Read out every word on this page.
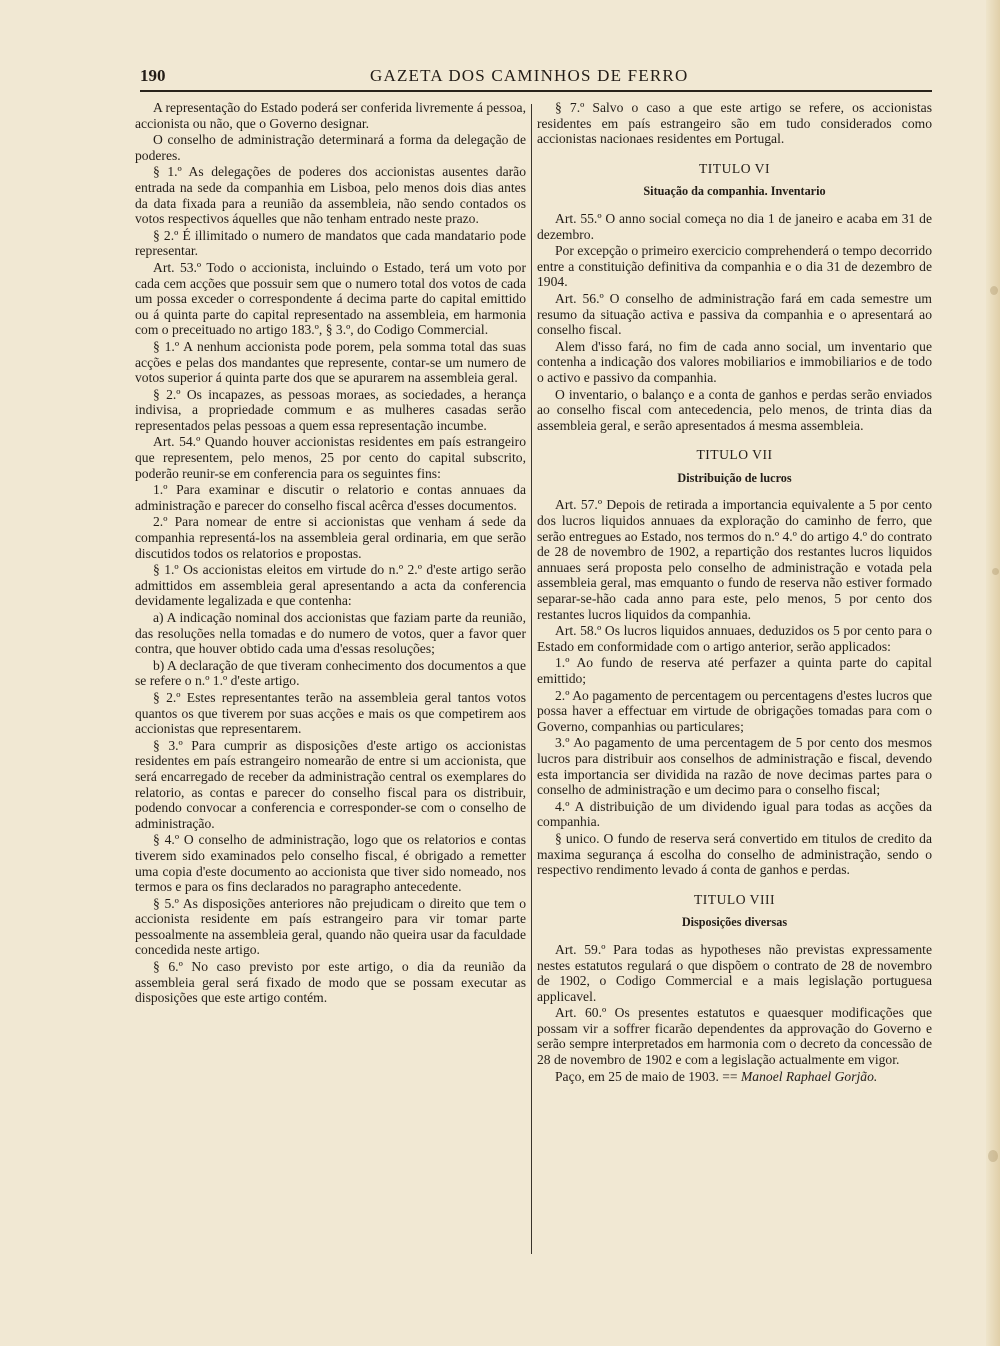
190	GAZETA DOS CAMINHOS DE FERRO

A representação do Estado poderá ser conferida livremente á pessoa, accionista ou não, que o Governo designar.

O conselho de administração determinará a forma da delegação de poderes.

§ 1.º As delegações de poderes dos accionistas ausentes darão entrada na sede da companhia em Lisboa, pelo menos dois dias antes da data fixada para a reunião da assembleia, não sendo contados os votos respectivos áquelles que não tenham entrado neste prazo.

§ 2.º É illimitado o numero de mandatos que cada mandatario pode representar.

Art. 53.º Todo o accionista, incluindo o Estado, terá um voto por cada cem acções que possuir sem que o numero total dos votos de cada um possa exceder o correspondente á decima parte do capital emittido ou á quinta parte do capital representado na assembleia, em harmonia com o preceituado no artigo 183.º, § 3.º, do Codigo Commercial.

§ 1.º A nenhum accionista pode porem, pela somma total das suas acções e pelas dos mandantes que represente, contar-se um numero de votos superior á quinta parte dos que se apurarem na assembleia geral.

§ 2.º Os incapazes, as pessoas moraes, as sociedades, a herança indivisa, a propriedade commum e as mulheres casadas serão representados pelas pessoas a quem essa representação incumbe.

Art. 54.º Quando houver accionistas residentes em país estrangeiro que representem, pelo menos, 25 por cento do capital subscrito, poderão reunir-se em conferencia para os seguintes fins:

1.º Para examinar e discutir o relatorio e contas annuaes da administração e parecer do conselho fiscal acêrca d'esses documentos.

2.º Para nomear de entre si accionistas que venham á sede da companhia representá-los na assembleia geral ordinaria, em que serão discutidos todos os relatorios e propostas.

§ 1.º Os accionistas eleitos em virtude do n.º 2.º d'este artigo serão admittidos em assembleia geral apresentando a acta da conferencia devidamente legalizada e que contenha:

a) A indicação nominal dos accionistas que faziam parte da reunião, das resoluções nella tomadas e do numero de votos, quer a favor quer contra, que houver obtido cada uma d'essas resoluções;

b) A declaração de que tiveram conhecimento dos documentos a que se refere o n.º 1.º d'este artigo.

§ 2.º Estes representantes terão na assembleia geral tantos votos quantos os que tiverem por suas acções e mais os que competirem aos accionistas que representarem.

§ 3.º Para cumprir as disposições d'este artigo os accionistas residentes em país estrangeiro nomearão de entre si um accionista, que será encarregado de receber da administração central os exemplares do relatorio, as contas e parecer do conselho fiscal para os distribuir, podendo convocar a conferencia e corresponder-se com o conselho de administração.

§ 4.º O conselho de administração, logo que os relatorios e contas tiverem sido examinados pelo conselho fiscal, é obrigado a remetter uma copia d'este documento ao accionista que tiver sido nomeado, nos termos e para os fins declarados no paragrapho antecedente.

§ 5.º As disposições anteriores não prejudicam o direito que tem o accionista residente em país estrangeiro para vir tomar parte pessoalmente na assembleia geral, quando não queira usar da faculdade concedida neste artigo.

§ 6.º No caso previsto por este artigo, o dia da reunião da assembleia geral será fixado de modo que se possam executar as disposições que este artigo contém.

§ 7.º Salvo o caso a que este artigo se refere, os accionistas residentes em país estrangeiro são em tudo considerados como accionistas nacionaes residentes em Portugal.

TITULO VI

Situação da companhia. Inventario

Art. 55.º O anno social começa no dia 1 de janeiro e acaba em 31 de dezembro.

Por excepção o primeiro exercicio comprehenderá o tempo decorrido entre a constituição definitiva da companhia e o dia 31 de dezembro de 1904.

Art. 56.º O conselho de administração fará em cada semestre um resumo da situação activa e passiva da companhia e o apresentará ao conselho fiscal.

Alem d'isso fará, no fim de cada anno social, um inventario que contenha a indicação dos valores mobiliarios e immobiliarios e de todo o activo e passivo da companhia.

O inventario, o balanço e a conta de ganhos e perdas serão enviados ao conselho fiscal com antecedencia, pelo menos, de trinta dias da assembleia geral, e serão apresentados á mesma assembleia.

TITULO VII

Distribuição de lucros

Art. 57.º Depois de retirada a importancia equivalente a 5 por cento dos lucros liquidos annuaes da exploração do caminho de ferro, que serão entregues ao Estado, nos termos do n.º 4.º do artigo 4.º do contrato de 28 de novembro de 1902, a repartição dos restantes lucros liquidos annuaes será proposta pelo conselho de administração e votada pela assembleia geral, mas emquanto o fundo de reserva não estiver formado separar-se-hão cada anno para este, pelo menos, 5 por cento dos restantes lucros liquidos da companhia.

Art. 58.º Os lucros liquidos annuaes, deduzidos os 5 por cento para o Estado em conformidade com o artigo anterior, serão applicados:

1.º Ao fundo de reserva até perfazer a quinta parte do capital emittido;

2.º Ao pagamento de percentagem ou percentagens d'estes lucros que possa haver a effectuar em virtude de obrigações tomadas para com o Governo, companhias ou particulares;

3.º Ao pagamento de uma percentagem de 5 por cento dos mesmos lucros para distribuir aos conselhos de administração e fiscal, devendo esta importancia ser dividida na razão de nove decimas partes para o conselho de administração e um decimo para o conselho fiscal;

4.º A distribuição de um dividendo igual para todas as acções da companhia.

§ unico. O fundo de reserva será convertido em titulos de credito da maxima segurança á escolha do conselho de administração, sendo o respectivo rendimento levado á conta de ganhos e perdas.

TITULO VIII

Disposições diversas

Art. 59.º Para todas as hypotheses não previstas expressamente nestes estatutos regulará o que dispõem o contrato de 28 de novembro de 1902, o Codigo Commercial e a mais legislação portuguesa applicavel.

Art. 60.º Os presentes estatutos e quaesquer modificações que possam vir a soffrer ficarão dependentes da approvação do Governo e serão sempre interpretados em harmonia com o decreto da concessão de 28 de novembro de 1902 e com a legislação actualmente em vigor.

Paço, em 25 de maio de 1903. == Manoel Raphael Gorjão.
